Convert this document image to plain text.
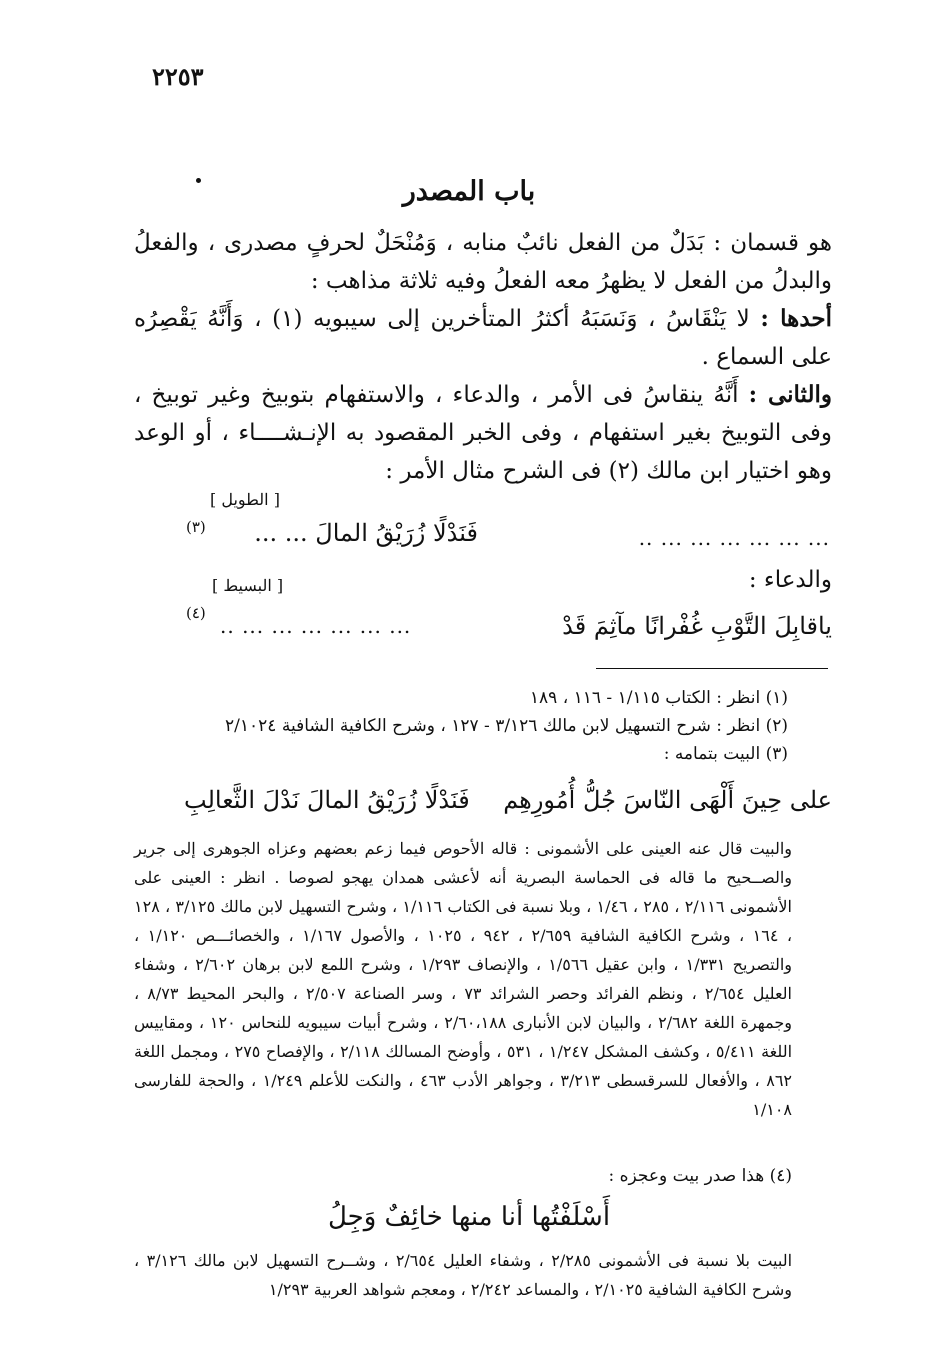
٢٢٥٣
باب المصدر

هو قسمان : بَدَلٌ من الفعل نائبٌ منابه ، وَمُنْحَلٌ لحرفٍ مصدرى ، والفعلُ والبدلُ من الفعل لا يظهرُ معه الفعلُ وفيه ثلاثة مذاهب :

أحدها : لا يَنْقَاسُ ، وَنَسَبَهُ أكثرُ المتأخرين إلى سيبويه (١) ، وَأَنَّهُ يَقْصِرُه على السماع .

والثانى : أَنَّهُ ينقاسُ فى الأمر ، والدعاء ، والاستفهام بتوبيخ وغير توبيخ ، وفى التوبيخ بغير استفهام ، وفى الخبر المقصود به الإنـشــــاء ، أو الوعد وهو اختيار ابن مالك (٢) فى الشرح مثال الأمر :

[ الطويل ]
فَنَدْلًا زُرَيْقُ المالَ ... ...	... ... ... ... ... ... ..
(٣)
والدعاء :
[ البسيط ]
ياقابِلَ التَّوْبِ غُفْرانًا مآثِمَ قَدْ
... ... ... ... ... ... ..
(٤)

(١) انظر : الكتاب ١/١١٥ - ١١٦ ، ١٨٩

(٢) انظر : شرح التسهيل لابن مالك ٣/١٢٦ - ١٢٧ ، وشرح الكافية الشافية ٢/١٠٢٤

(٣) البيت بتمامه :

على حِينَ أَلْهَى النّاسَ جُلُّ أُمُورِهِم
فَنَدْلًا زُرَيْقُ المالَ نَدْلَ الثَّعالِبِ

والبيت قال عنه العينى على الأشمونى : قاله الأحوص فيما زعم بعضهم وعزاه الجوهرى إلى جرير والصــحيح ما قاله فى الحماسة البصرية أنه لأعشى همدان يهجو لصوصا . انظر : العينى على الأشمونى ٢/١١٦ ، ٢٨٥ ، ١/٤٦ ، وبلا نسبة فى الكتاب ١/١١٦ ، وشرح التسهيل لابن مالك ٣/١٢٥ ، ١٢٨ ، ١٦٤ ، وشرح الكافية الشافية ٢/٦٥٩ ، ٩٤٢ ، ١٠٢٥ ، والأصول ١/١٦٧ ، والخصائـــص ١/١٢٠ ، والتصريح ١/٣٣١ ، وابن عقيل ١/٥٦٦ ، والإنصاف ١/٢٩٣ ، وشرح اللمع لابن برهان ٢/٦٠٢ ، وشفاء العليل ٢/٦٥٤ ، ونظم الفرائد وحصر الشرائد ٧٣ ، وسر الصناعة ٢/٥٠٧ ، والبحر المحيط ٨/٧٣ ، وجمهرة اللغة ٢/٦٨٢ ، والبيان لابن الأنبارى ٢/٦٠،١٨٨ ، وشرح أبيات سيبويه للنحاس ١٢٠ ، ومقاييس اللغة ٥/٤١١ ، وكشف المشكل ١/٢٤٧ ، ٥٣١ ، وأوضح المسالك ٢/١١٨ ، والإفصاح ٢٧٥ ، ومجمل اللغة ٨٦٢ ، والأفعال للسرقسطى ٣/٢١٣ ، وجواهر الأدب ٤٦٣ ، والنكت للأعلم ١/٢٤٩ ، والحجة للفارسى ١/١٠٨

(٤) هذا صدر بيت وعجزه :

أَسْلَفْتُها أنا منها خائِفٌ وَجِلُ

البيت بلا نسبة فى الأشمونى ٢/٢٨٥ ، وشفاء العليل ٢/٦٥٤ ، وشــرح التسهيل لابن مالك ٣/١٢٦ ، وشرح الكافية الشافية ٢/١٠٢٥ ، والمساعد ٢/٢٤٢ ، ومعجم شواهد العربية ١/٢٩٣
